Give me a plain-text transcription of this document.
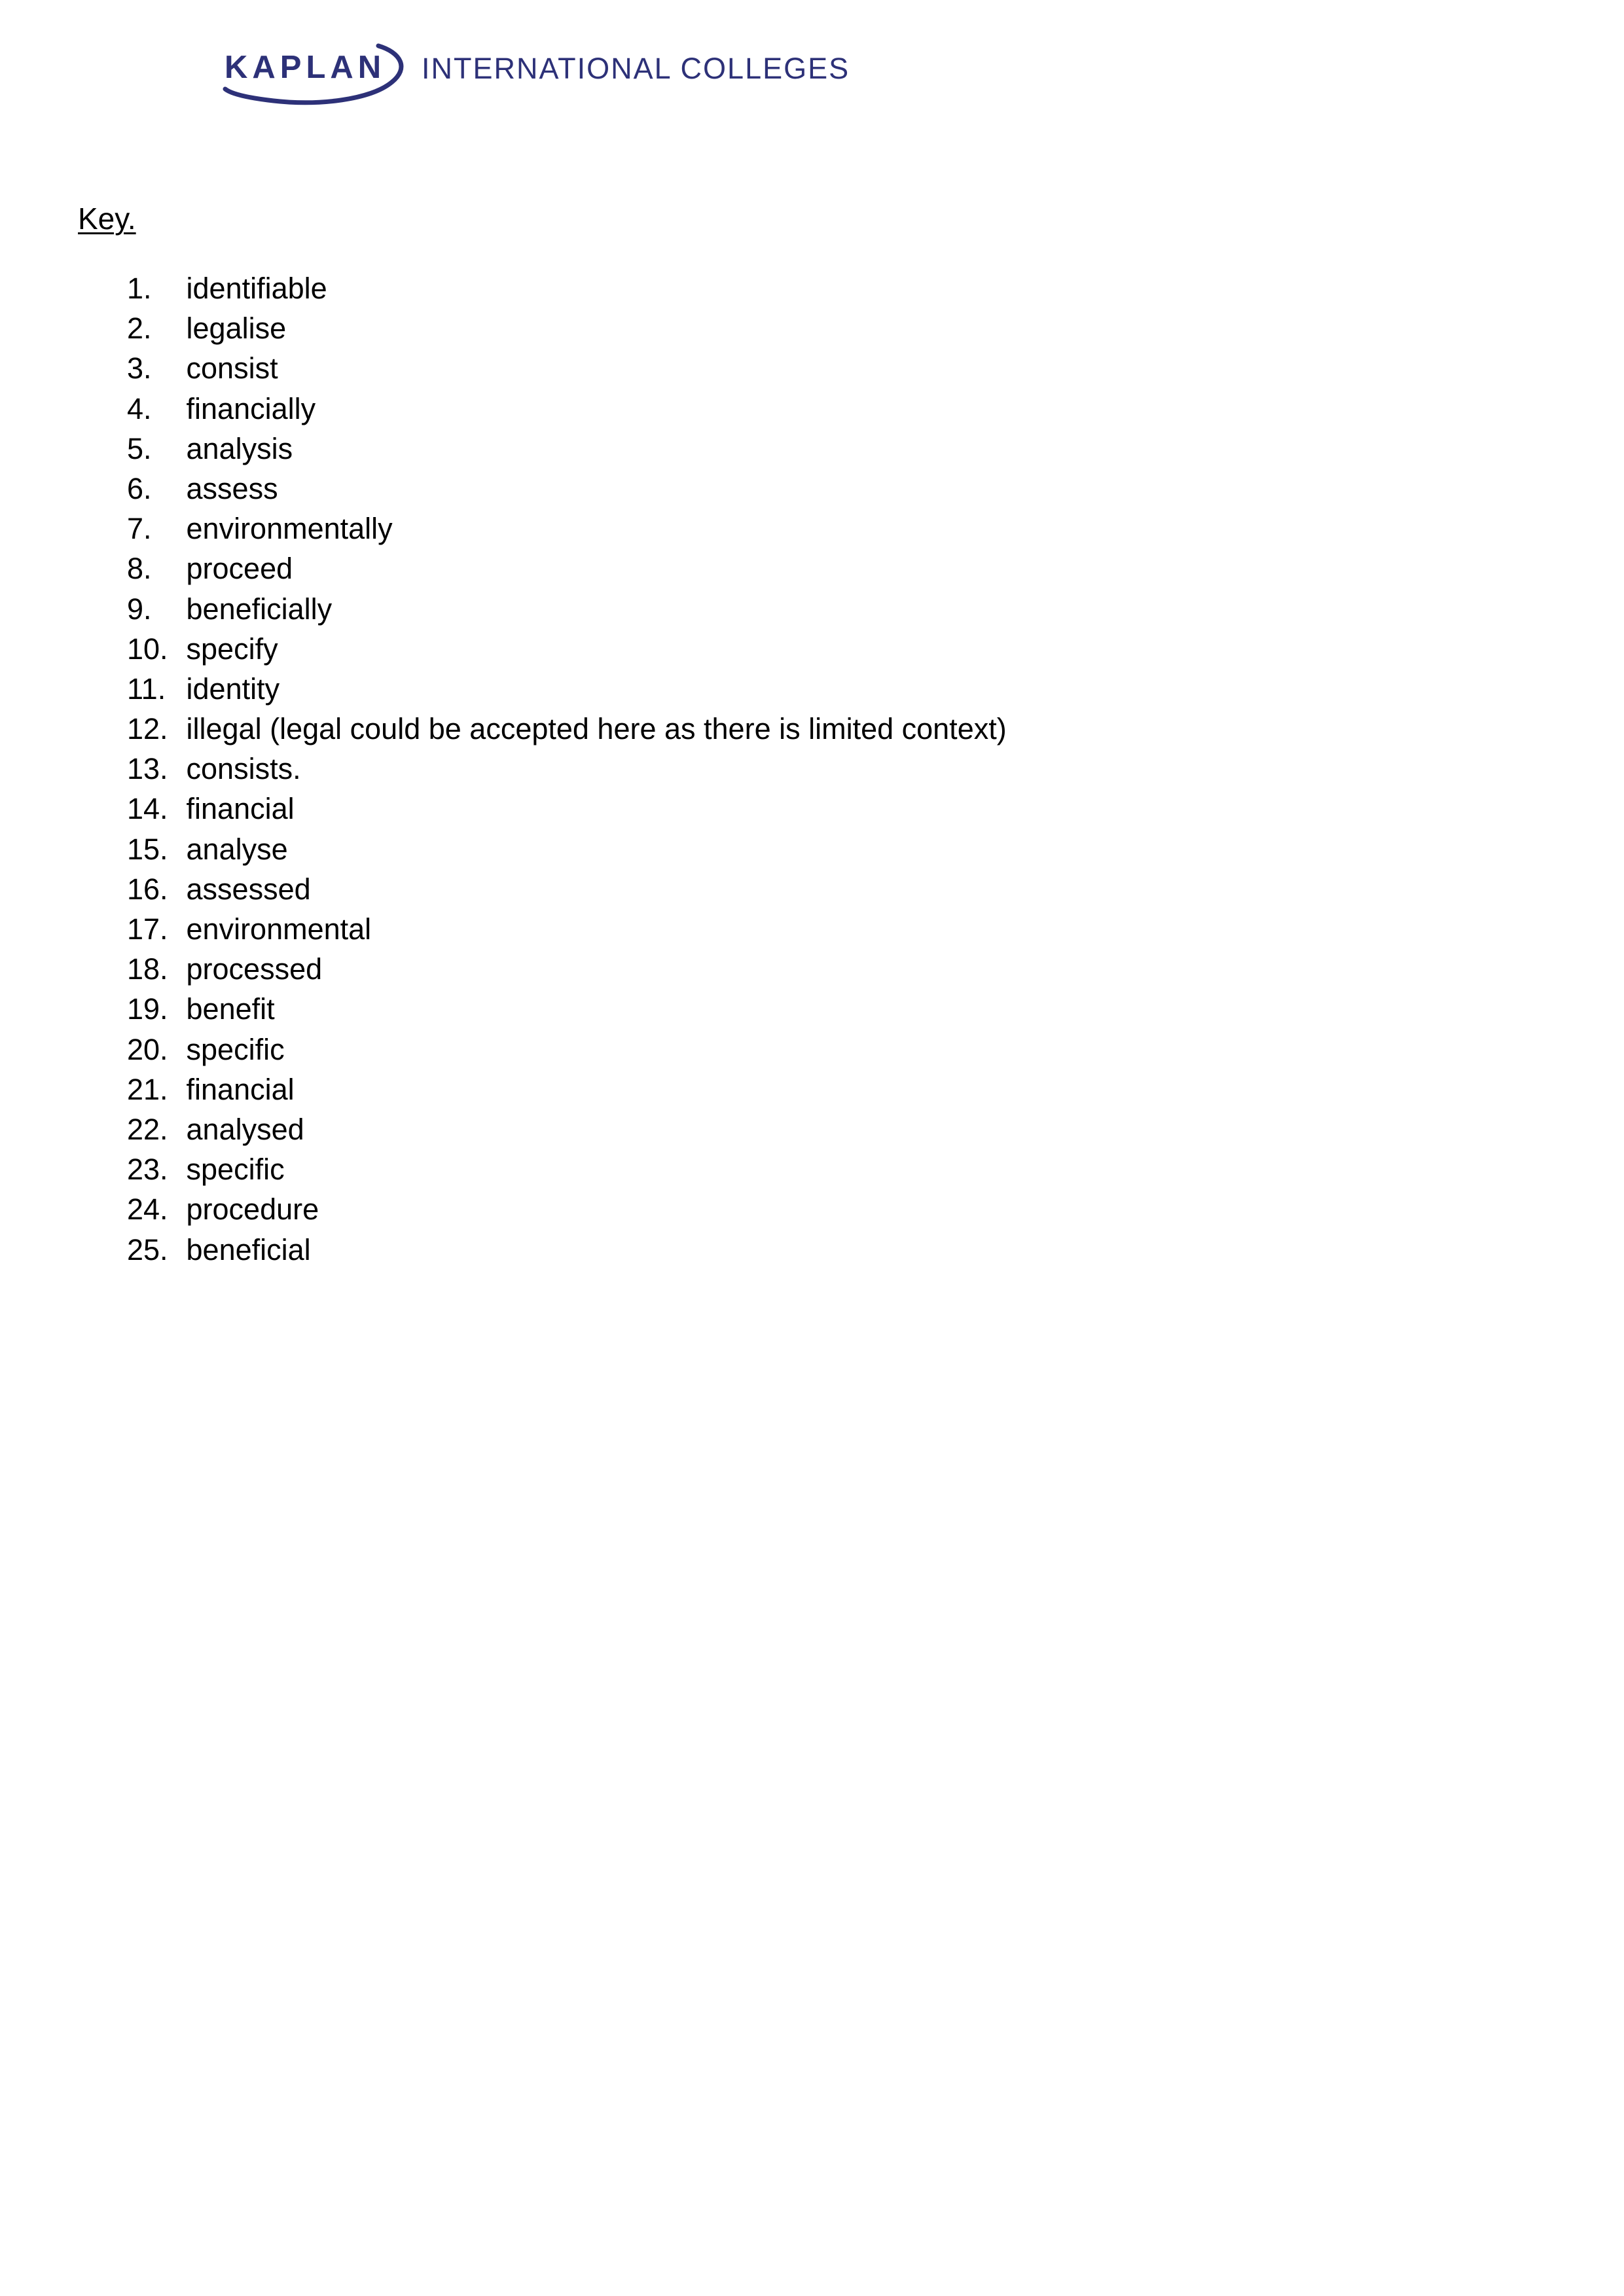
KAPLAN INTERNATIONAL COLLEGES
Key.
1. identifiable
2. legalise
3. consist
4. financially
5. analysis
6. assess
7. environmentally
8. proceed
9. beneficially
10. specify
11. identity
12. illegal (legal could be accepted here as there is limited context)
13. consists.
14. financial
15. analyse
16. assessed
17. environmental
18. processed
19. benefit
20. specific
21. financial
22. analysed
23. specific
24. procedure
25. beneficial
